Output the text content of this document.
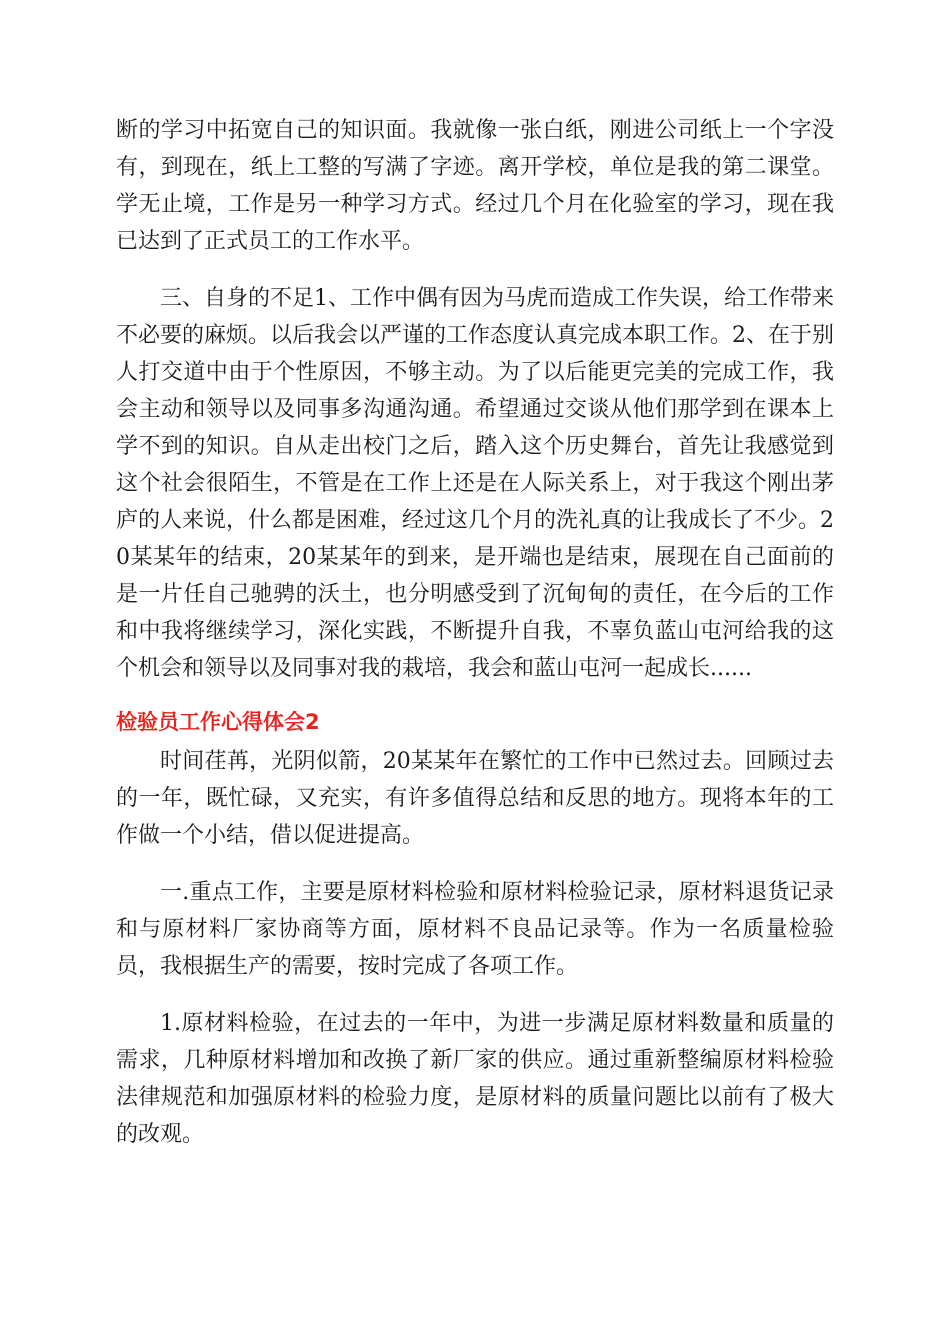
断的学习中拓宽自己的知识面。我就像一张白纸，刚进公司纸上一个字没有，到现在，纸上工整的写满了字迹。离开学校，单位是我的第二课堂。学无止境，工作是另一种学习方式。经过几个月在化验室的学习，现在我已达到了正式员工的工作水平。

三、自身的不足1、工作中偶有因为马虎而造成工作失误，给工作带来不必要的麻烦。以后我会以严谨的工作态度认真完成本职工作。2、在于别人打交道中由于个性原因，不够主动。为了以后能更完美的完成工作，我会主动和领导以及同事多沟通沟通。希望通过交谈从他们那学到在课本上学不到的知识。自从走出校门之后，踏入这个历史舞台，首先让我感觉到这个社会很陌生，不管是在工作上还是在人际关系上，对于我这个刚出茅庐的人来说，什么都是困难，经过这几个月的洗礼真的让我成长了不少。20某某年的结束，20某某年的到来，是开端也是结束，展现在自己面前的是一片任自己驰骋的沃土，也分明感受到了沉甸甸的责任，在今后的工作和中我将继续学习，深化实践，不断提升自我，不辜负蓝山屯河给我的这个机会和领导以及同事对我的栽培，我会和蓝山屯河一起成长......

检验员工作心得体会2

时间荏苒，光阴似箭，20某某年在繁忙的工作中已然过去。回顾过去的一年，既忙碌，又充实，有许多值得总结和反思的地方。现将本年的工作做一个小结，借以促进提高。

一.重点工作，主要是原材料检验和原材料检验记录，原材料退货记录和与原材料厂家协商等方面，原材料不良品记录等。作为一名质量检验员，我根据生产的需要，按时完成了各项工作。

1.原材料检验，在过去的一年中，为进一步满足原材料数量和质量的需求，几种原材料增加和改换了新厂家的供应。通过重新整编原材料检验法律规范和加强原材料的检验力度，是原材料的质量问题比以前有了极大的改观。
